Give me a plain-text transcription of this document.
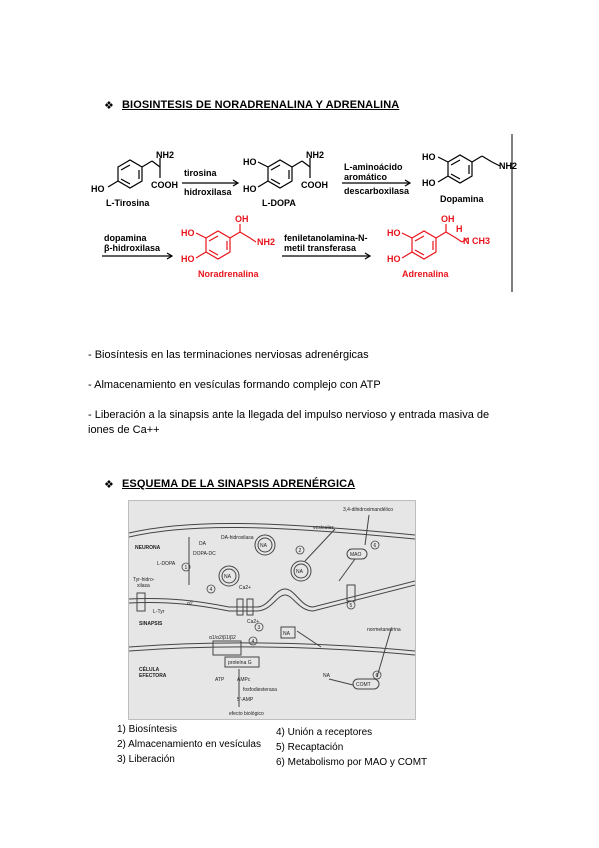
❖ BIOSINTESIS DE NORADRENALINA Y ADRENALINA
NH2
COOH
HO
L-Tirosina
tirosina
hidroxilasa
HO
HO
NH2
COOH
L-DOPA
L-aminoácido
aromático
descarboxilasa
HO
HO
NH2
Dopamina
dopamina
β-hidroxilasa
HO
HO
OH
NH2
Noradrenalina
feniletanolamina-N-
metil transferasa
HO
HO
OH
H
N CH3
Adrenalina
- Biosíntesis en las terminaciones nerviosas adrenérgicas
- Almacenamiento en vesículas formando complejo con ATP
- Liberación a la sinapsis ante la llegada del impulso nervioso y entrada masiva de iones de Ca++
❖ ESQUEMA DE LA SINAPSIS ADRENÉRGICA
NEURONA
SINAPSIS
CÉLULA
EFECTORA
vesículas
3,4-dihidroximandélico
normetanefrina
MAO
COMT
NA
NA
NA
NA
NA
DA
DA-hidroxilasa
DOPA-DC
L-DOPA
Tyr-hidro-
xilasa
L-Tyr
Ca2+
Ca2+
α2
α1/α2/β1/β2
proteína G
ATP	AMPc
fosfodiesterasa
5'-AMP
efecto biológico
1
2
3
4
4
5
6
6
1) Biosíntesis
2) Almacenamiento en vesículas
3) Liberación
4) Unión a receptores
5) Recaptación
6) Metabolismo por MAO y COMT
